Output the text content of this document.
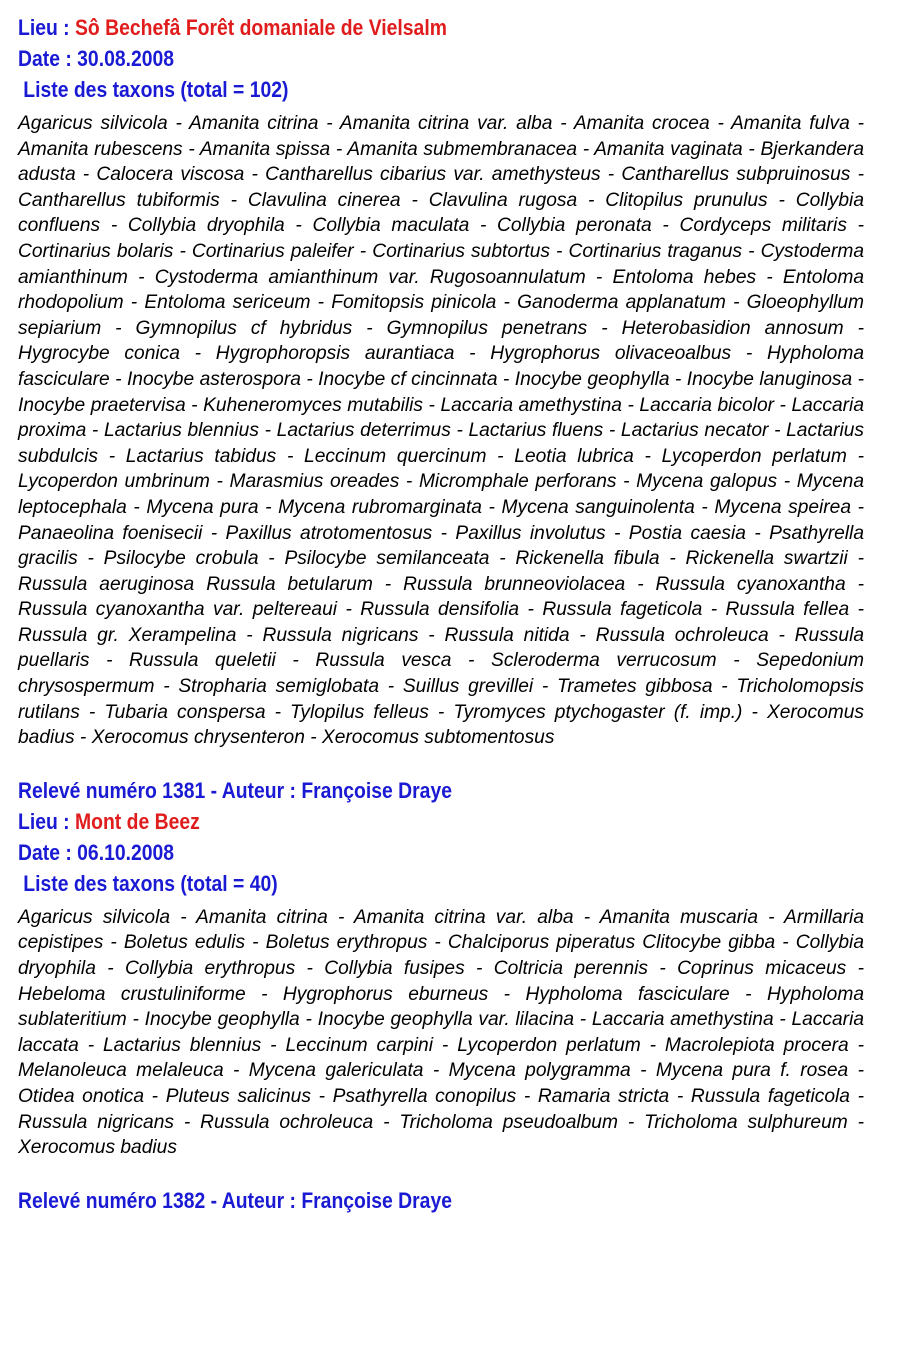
Lieu : Sô Bechefâ Forêt domaniale de Vielsalm
Date : 30.08.2008
Liste des taxons (total = 102)

Agaricus silvicola - Amanita citrina - Amanita citrina var. alba - Amanita crocea - Amanita fulva - Amanita rubescens - Amanita spissa - Amanita submembranacea - Amanita vaginata - Bjerkandera adusta - Calocera viscosa - Cantharellus cibarius var. amethysteus - Cantharellus subpruinosus - Cantharellus tubiformis - Clavulina cinerea - Clavulina rugosa - Clitopilus prunulus - Collybia confluens - Collybia dryophila - Collybia maculata - Collybia peronata - Cordyceps militaris - Cortinarius bolaris - Cortinarius paleifer - Cortinarius subtortus - Cortinarius traganus - Cystoderma amianthinum - Cystoderma amianthinum var. Rugosoannulatum - Entoloma hebes - Entoloma rhodopolium - Entoloma sericeum - Fomitopsis pinicola - Ganoderma applanatum - Gloeophyllum sepiarium - Gymnopilus cf hybridus - Gymnopilus penetrans - Heterobasidion annosum - Hygrocybe conica - Hygrophoropsis aurantiaca - Hygrophorus olivaceoalbus - Hypholoma fasciculare - Inocybe asterospora - Inocybe cf cincinnata - Inocybe geophylla - Inocybe lanuginosa - Inocybe praetervisa - Kuheneromyces mutabilis - Laccaria amethystina - Laccaria bicolor - Laccaria proxima - Lactarius blennius - Lactarius deterrimus - Lactarius fluens - Lactarius necator - Lactarius subdulcis - Lactarius tabidus - Leccinum quercinum - Leotia lubrica - Lycoperdon perlatum - Lycoperdon umbrinum - Marasmius oreades - Micromphale perforans - Mycena galopus - Mycena leptocephala - Mycena pura - Mycena rubromarginata - Mycena sanguinolenta - Mycena speirea - Panaeolina foenisecii - Paxillus atrotomentosus - Paxillus involutus - Postia caesia - Psathyrella gracilis - Psilocybe crobula - Psilocybe semilanceata - Rickenella fibula - Rickenella swartzii - Russula aeruginosa Russula betularum - Russula brunneoviolacea - Russula cyanoxantha - Russula cyanoxantha var. peltereaui - Russula densifolia - Russula fageticola - Russula fellea - Russula gr. Xerampelina - Russula nigricans - Russula nitida - Russula ochroleuca - Russula puellaris - Russula queletii - Russula vesca - Scleroderma verrucosum - Sepedonium chrysospermum - Stropharia semiglobata - Suillus grevillei - Trametes gibbosa - Tricholomopsis rutilans - Tubaria conspersa - Tylopilus felleus - Tyromyces ptychogaster (f. imp.) - Xerocomus badius - Xerocomus chrysenteron - Xerocomus subtomentosus

Relevé numéro 1381 - Auteur : Françoise Draye
Lieu : Mont de Beez
Date : 06.10.2008
Liste des taxons (total = 40)

Agaricus silvicola - Amanita citrina - Amanita citrina var. alba - Amanita muscaria - Armillaria cepistipes - Boletus edulis - Boletus erythropus - Chalciporus piperatus Clitocybe gibba - Collybia dryophila - Collybia erythropus - Collybia fusipes - Coltricia perennis - Coprinus micaceus - Hebeloma crustuliniforme - Hygrophorus eburneus - Hypholoma fasciculare - Hypholoma sublateritium - Inocybe geophylla - Inocybe geophylla var. lilacina - Laccaria amethystina - Laccaria laccata - Lactarius blennius - Leccinum carpini - Lycoperdon perlatum - Macrolepiota procera - Melanoleuca melaleuca - Mycena galericulata - Mycena polygramma - Mycena pura f. rosea - Otidea onotica - Pluteus salicinus - Psathyrella conopilus - Ramaria stricta - Russula fageticola - Russula nigricans - Russula ochroleuca - Tricholoma pseudoalbum - Tricholoma sulphureum - Xerocomus badius

Relevé numéro 1382 - Auteur : Françoise Draye
